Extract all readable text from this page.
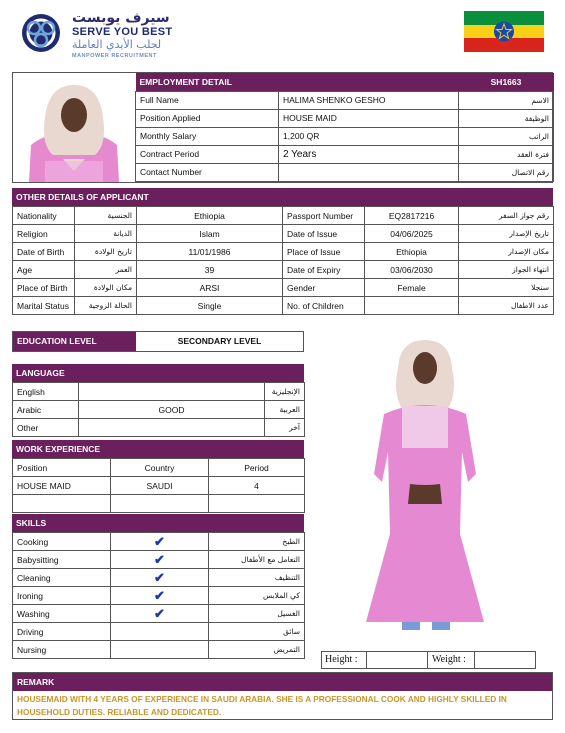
سيرف يوبست
SERVE YOU BEST
لجلب الأيدي العاملة
MANPOWER RECRUITMENT
EMPLOYMENT DETAIL		SH1663
Full Name	HALIMA SHENKO GESHO	الاسم
Position Applied	HOUSE MAID	الوظيفة
Monthly Salary	1,200 QR	الراتب
Contract Period	2 Years	فترة العقد
Contact Number		رقم الاتصال
OTHER DETAILS OF APPLICANT
Nationality	الجنسية	Ethiopia	Passport Number	EQ2817216	رقم جواز السفر
Religion	الديانة	Islam	Date of Issue	04/06/2025	تاريخ الإصدار
Date of Birth	تاريخ الولادة	11/01/1986	Place of Issue	Ethiopia	مكان الإصدار
Age	العمر	39	Date of Expiry	03/06/2030	انتهاء الجواز
Place of Birth	مكان الولادة	ARSI	Gender	Female	سنجلا
Marital Status	الحالة الزوجية	Single	No. of Children		عدد الاطفال
EDUCATION LEVEL	SECONDARY LEVEL
LANGUAGE
English		الإنجليزية
Arabic	GOOD	العربية
Other		آخر
WORK EXPERIENCE
Position	Country	Period
HOUSE MAID	SAUDI	4

SKILLS
Cooking	✔	الطبخ
Babysitting	✔	التعامل مع الأطفال
Cleaning	✔	التنظيف
Ironing	✔	كي الملابس
Washing	✔	الغسيل
Driving		سائق
Nursing		التمريض
Height :	Weight :
REMARK
HOUSEMAID WITH 4 YEARS OF EXPERIENCE IN SAUDI ARABIA. SHE IS A PROFESSIONAL COOK AND HIGHLY SKILLED IN HOUSEHOLD DUTIES. RELIABLE AND DEDICATED.
